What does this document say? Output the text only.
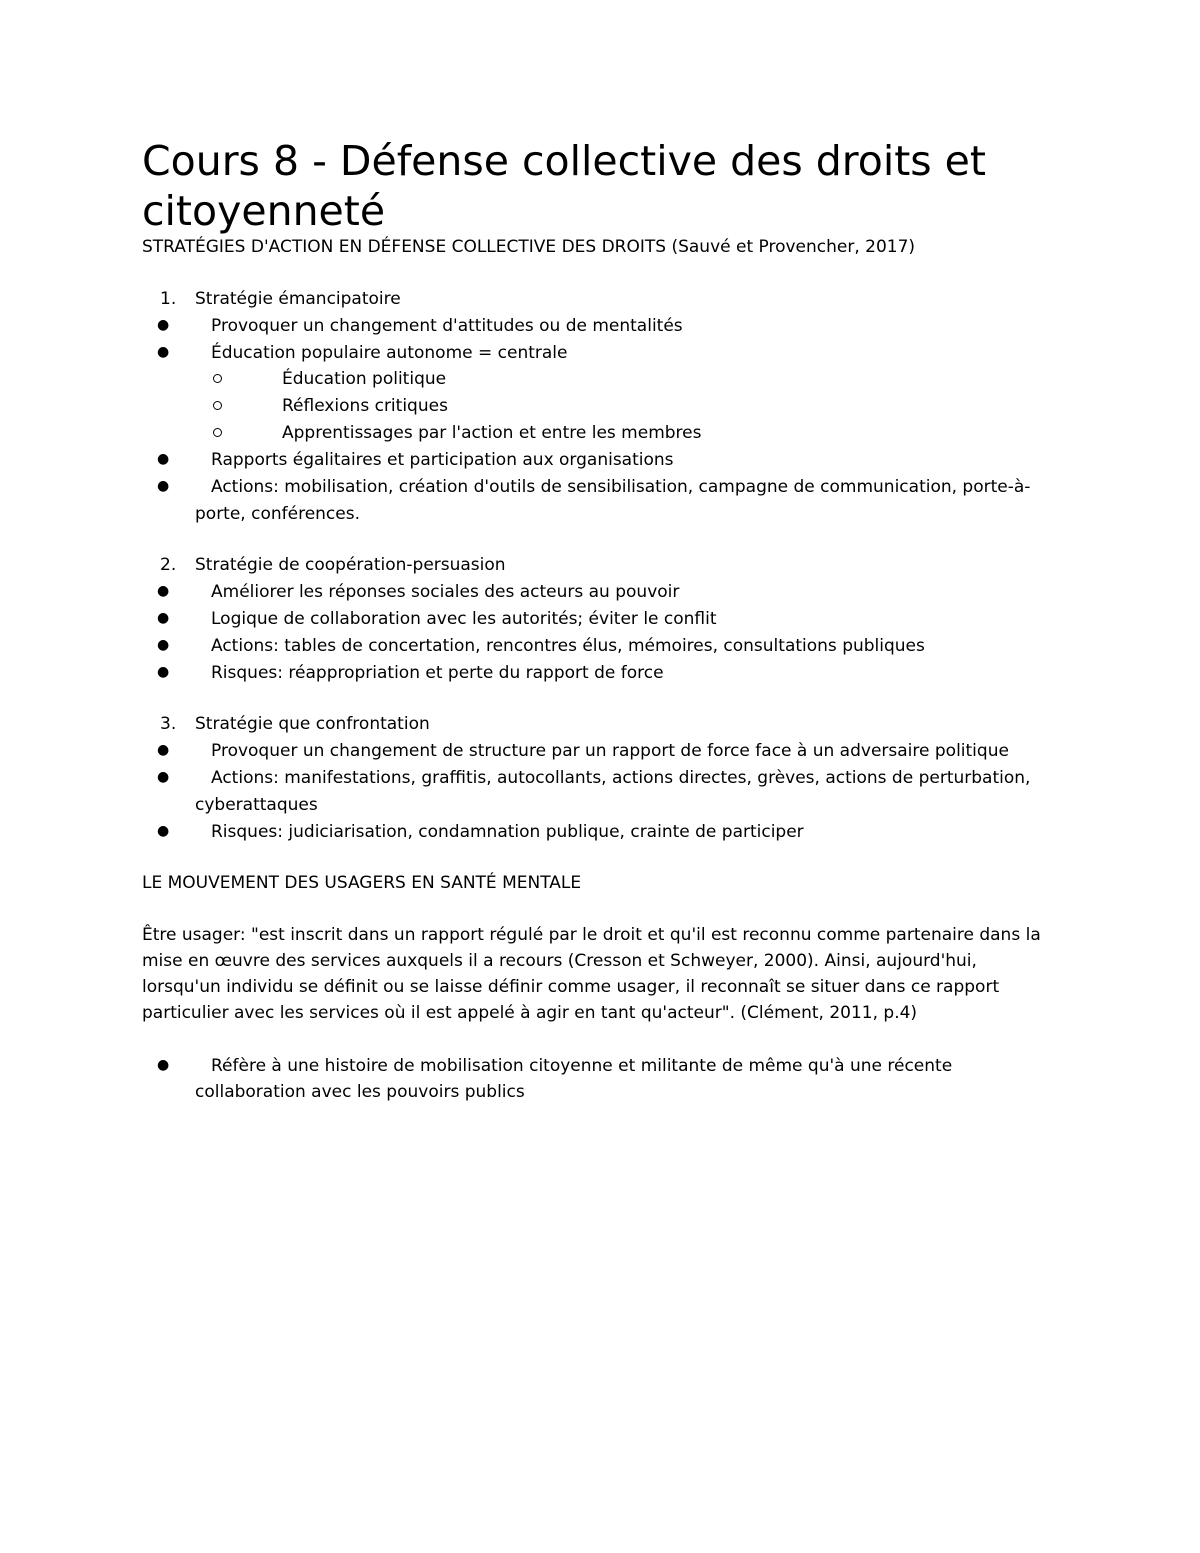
Cours 8 - Défense collective des droits et citoyenneté
STRATÉGIES D'ACTION EN DÉFENSE COLLECTIVE DES DROITS (Sauvé et Provencher, 2017)
1. Stratégie émancipatoire
● Provoquer un changement d'attitudes ou de mentalités
● Éducation populaire autonome = centrale
Éducation politique
Réflexions critiques
Apprentissages par l'action et entre les membres
● Rapports égalitaires et participation aux organisations
● Actions: mobilisation, création d'outils de sensibilisation, campagne de communication, porte-à-
porte, conférences.
2. Stratégie de coopération-persuasion
● Améliorer les réponses sociales des acteurs au pouvoir
● Logique de collaboration avec les autorités; éviter le conflit
● Actions: tables de concertation, rencontres élus, mémoires, consultations publiques
● Risques: réappropriation et perte du rapport de force
3. Stratégie que confrontation
● Provoquer un changement de structure par un rapport de force face à un adversaire politique
● Actions: manifestations, graffitis, autocollants, actions directes, grèves, actions de perturbation,
cyberattaques
● Risques: judiciarisation, condamnation publique, crainte de participer
LE MOUVEMENT DES USAGERS EN SANTÉ MENTALE
Être usager: "est inscrit dans un rapport régulé par le droit et qu'il est reconnu comme partenaire dans la
mise en œuvre des services auxquels il a recours (Cresson et Schweyer, 2000). Ainsi, aujourd'hui,
lorsqu'un individu se définit ou se laisse définir comme usager, il reconnaît se situer dans ce rapport
particulier avec les services où il est appelé à agir en tant qu'acteur". (Clément, 2011, p.4)
● Réfère à une histoire de mobilisation citoyenne et militante de même qu'à une récente
collaboration avec les pouvoirs publics
